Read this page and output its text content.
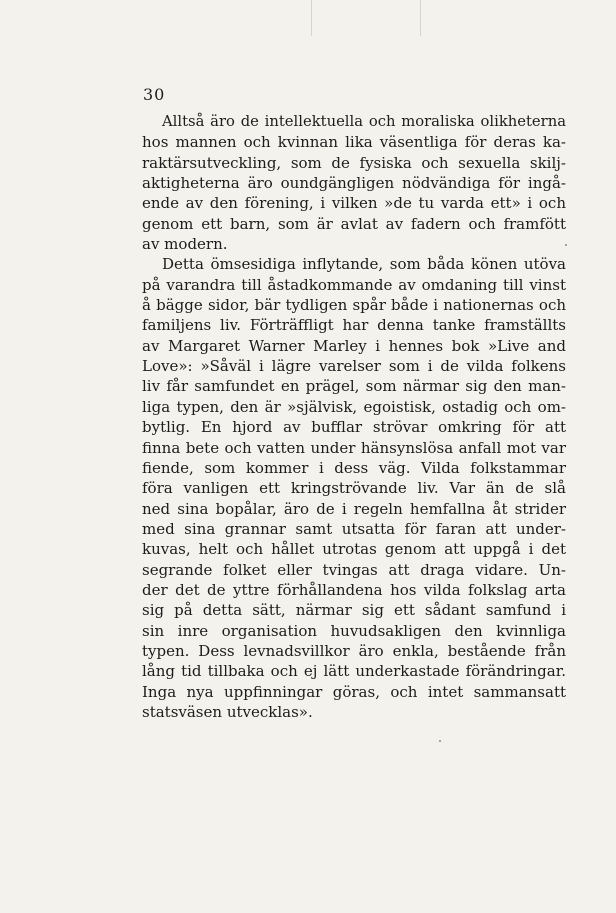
30
Alltså äro de intellektuella och moraliska olikheterna
hos mannen och kvinnan lika väsentliga för deras ka-
raktärsutveckling, som de fysiska och sexuella skilj-
aktigheterna äro oundgängligen nödvändiga för ingå-
ende av den förening, i vilken »de tu varda ett» i och
genom ett barn, som är avlat av fadern och framfött
av modern.
Detta ömsesidiga inflytande, som båda könen utöva
på varandra till åstadkommande av omdaning till vinst
å bägge sidor, bär tydligen spår både i nationernas och
familjens liv. Förträffligt har denna tanke framställts
av Margaret Warner Marley i hennes bok »Live and
Love»: »Såväl i lägre varelser som i de vilda folkens
liv får samfundet en prägel, som närmar sig den man-
liga typen, den är »självisk, egoistisk, ostadig och om-
bytlig. En hjord av bufflar strövar omkring för att
finna bete och vatten under hänsynslösa anfall mot var
fiende, som kommer i dess väg. Vilda folkstammar
föra vanligen ett kringströvande liv. Var än de slå
ned sina bopålar, äro de i regeln hemfallna åt strider
med sina grannar samt utsatta för faran att under-
kuvas, helt och hållet utrotas genom att uppgå i det
segrande folket eller tvingas att draga vidare. Un-
der det de yttre förhållandena hos vilda folkslag arta
sig på detta sätt, närmar sig ett sådant samfund i
sin inre organisation huvudsakligen den kvinnliga
typen. Dess levnadsvillkor äro enkla, bestående från
lång tid tillbaka och ej lätt underkastade förändringar.
Inga nya uppfinningar göras, och intet sammansatt
statsväsen utvecklas».
